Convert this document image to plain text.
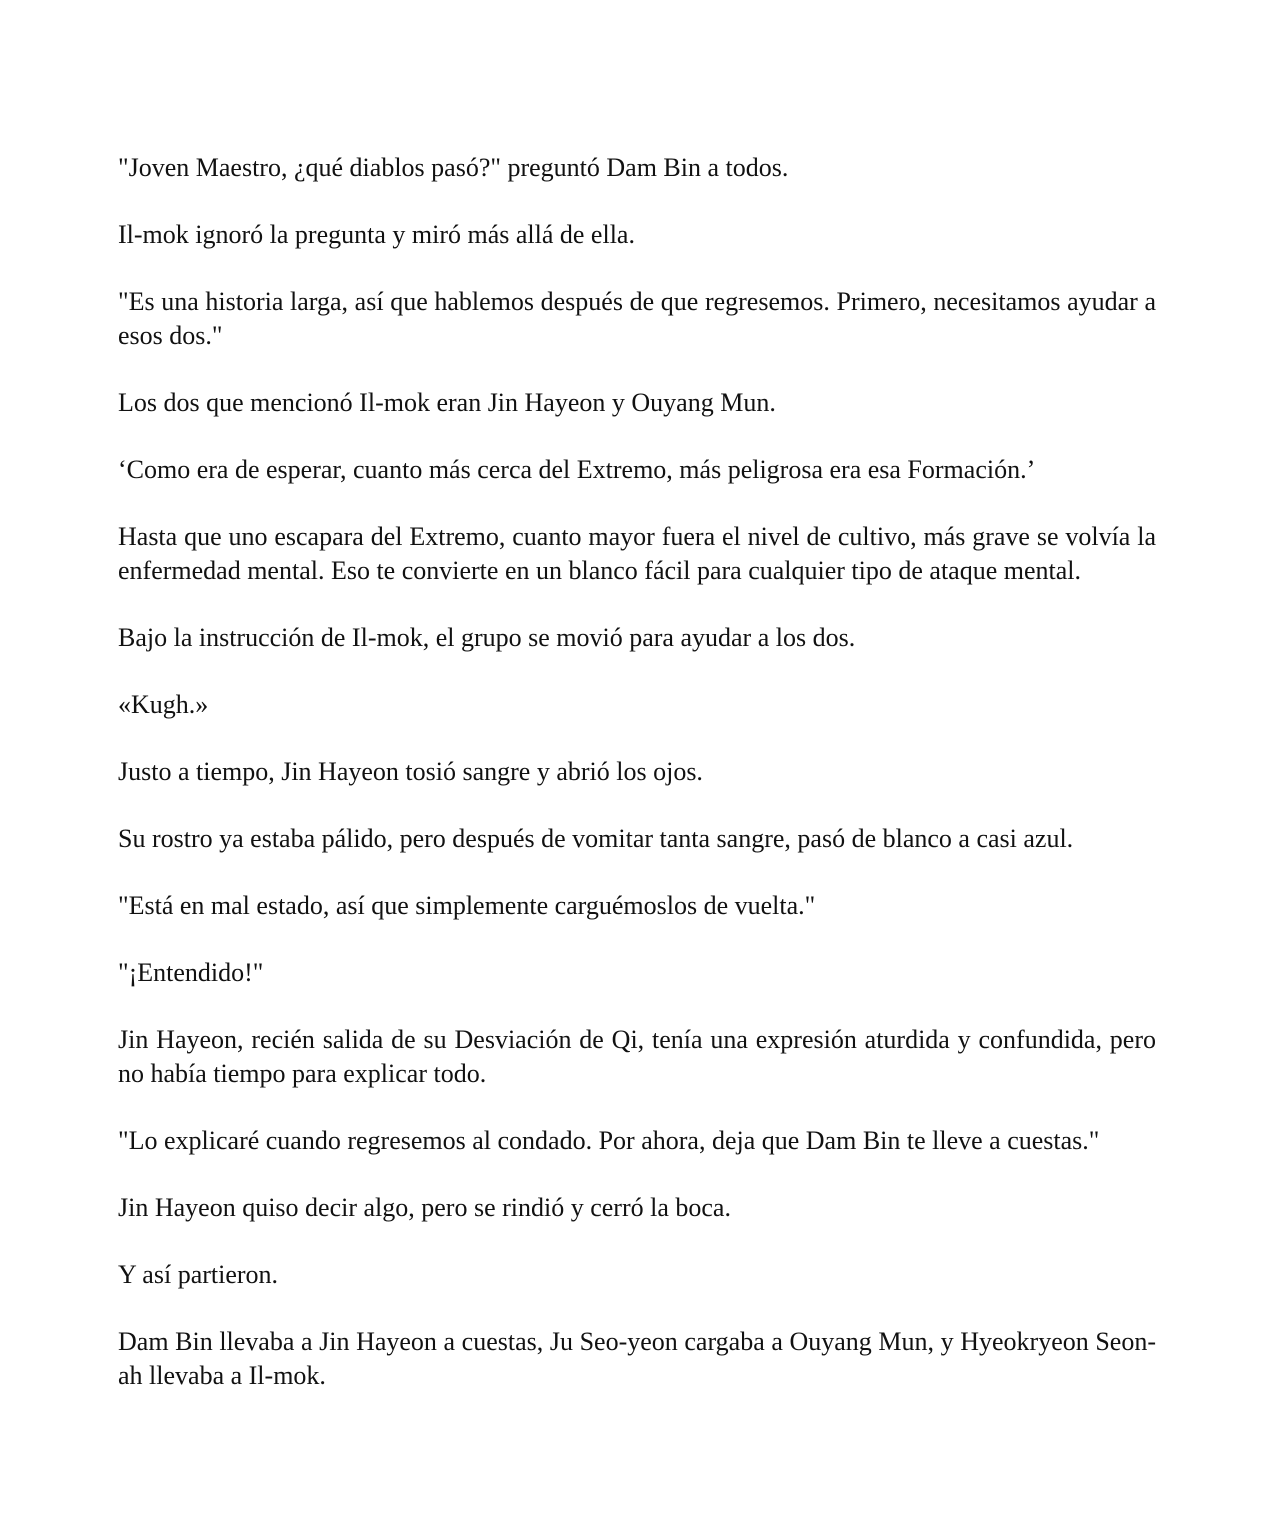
"Joven Maestro, ¿qué diablos pasó?" preguntó Dam Bin a todos.

Il-mok ignoró la pregunta y miró más allá de ella.

"Es una historia larga, así que hablemos después de que regresemos. Primero, necesitamos ayudar a esos dos."

Los dos que mencionó Il-mok eran Jin Hayeon y Ouyang Mun.

‘Como era de esperar, cuanto más cerca del Extremo, más peligrosa era esa Formación.’

Hasta que uno escapara del Extremo, cuanto mayor fuera el nivel de cultivo, más grave se volvía la enfermedad mental. Eso te convierte en un blanco fácil para cualquier tipo de ataque mental.

Bajo la instrucción de Il-mok, el grupo se movió para ayudar a los dos.

«Kugh.»

Justo a tiempo, Jin Hayeon tosió sangre y abrió los ojos.

Su rostro ya estaba pálido, pero después de vomitar tanta sangre, pasó de blanco a casi azul.

"Está en mal estado, así que simplemente carguémoslos de vuelta."

"¡Entendido!"

Jin Hayeon, recién salida de su Desviación de Qi, tenía una expresión aturdida y confundida, pero no había tiempo para explicar todo.

"Lo explicaré cuando regresemos al condado. Por ahora, deja que Dam Bin te lleve a cuestas."

Jin Hayeon quiso decir algo, pero se rindió y cerró la boca.

Y así partieron.

Dam Bin llevaba a Jin Hayeon a cuestas, Ju Seo-yeon cargaba a Ouyang Mun, y Hyeokryeon Seon-ah llevaba a Il-mok.
